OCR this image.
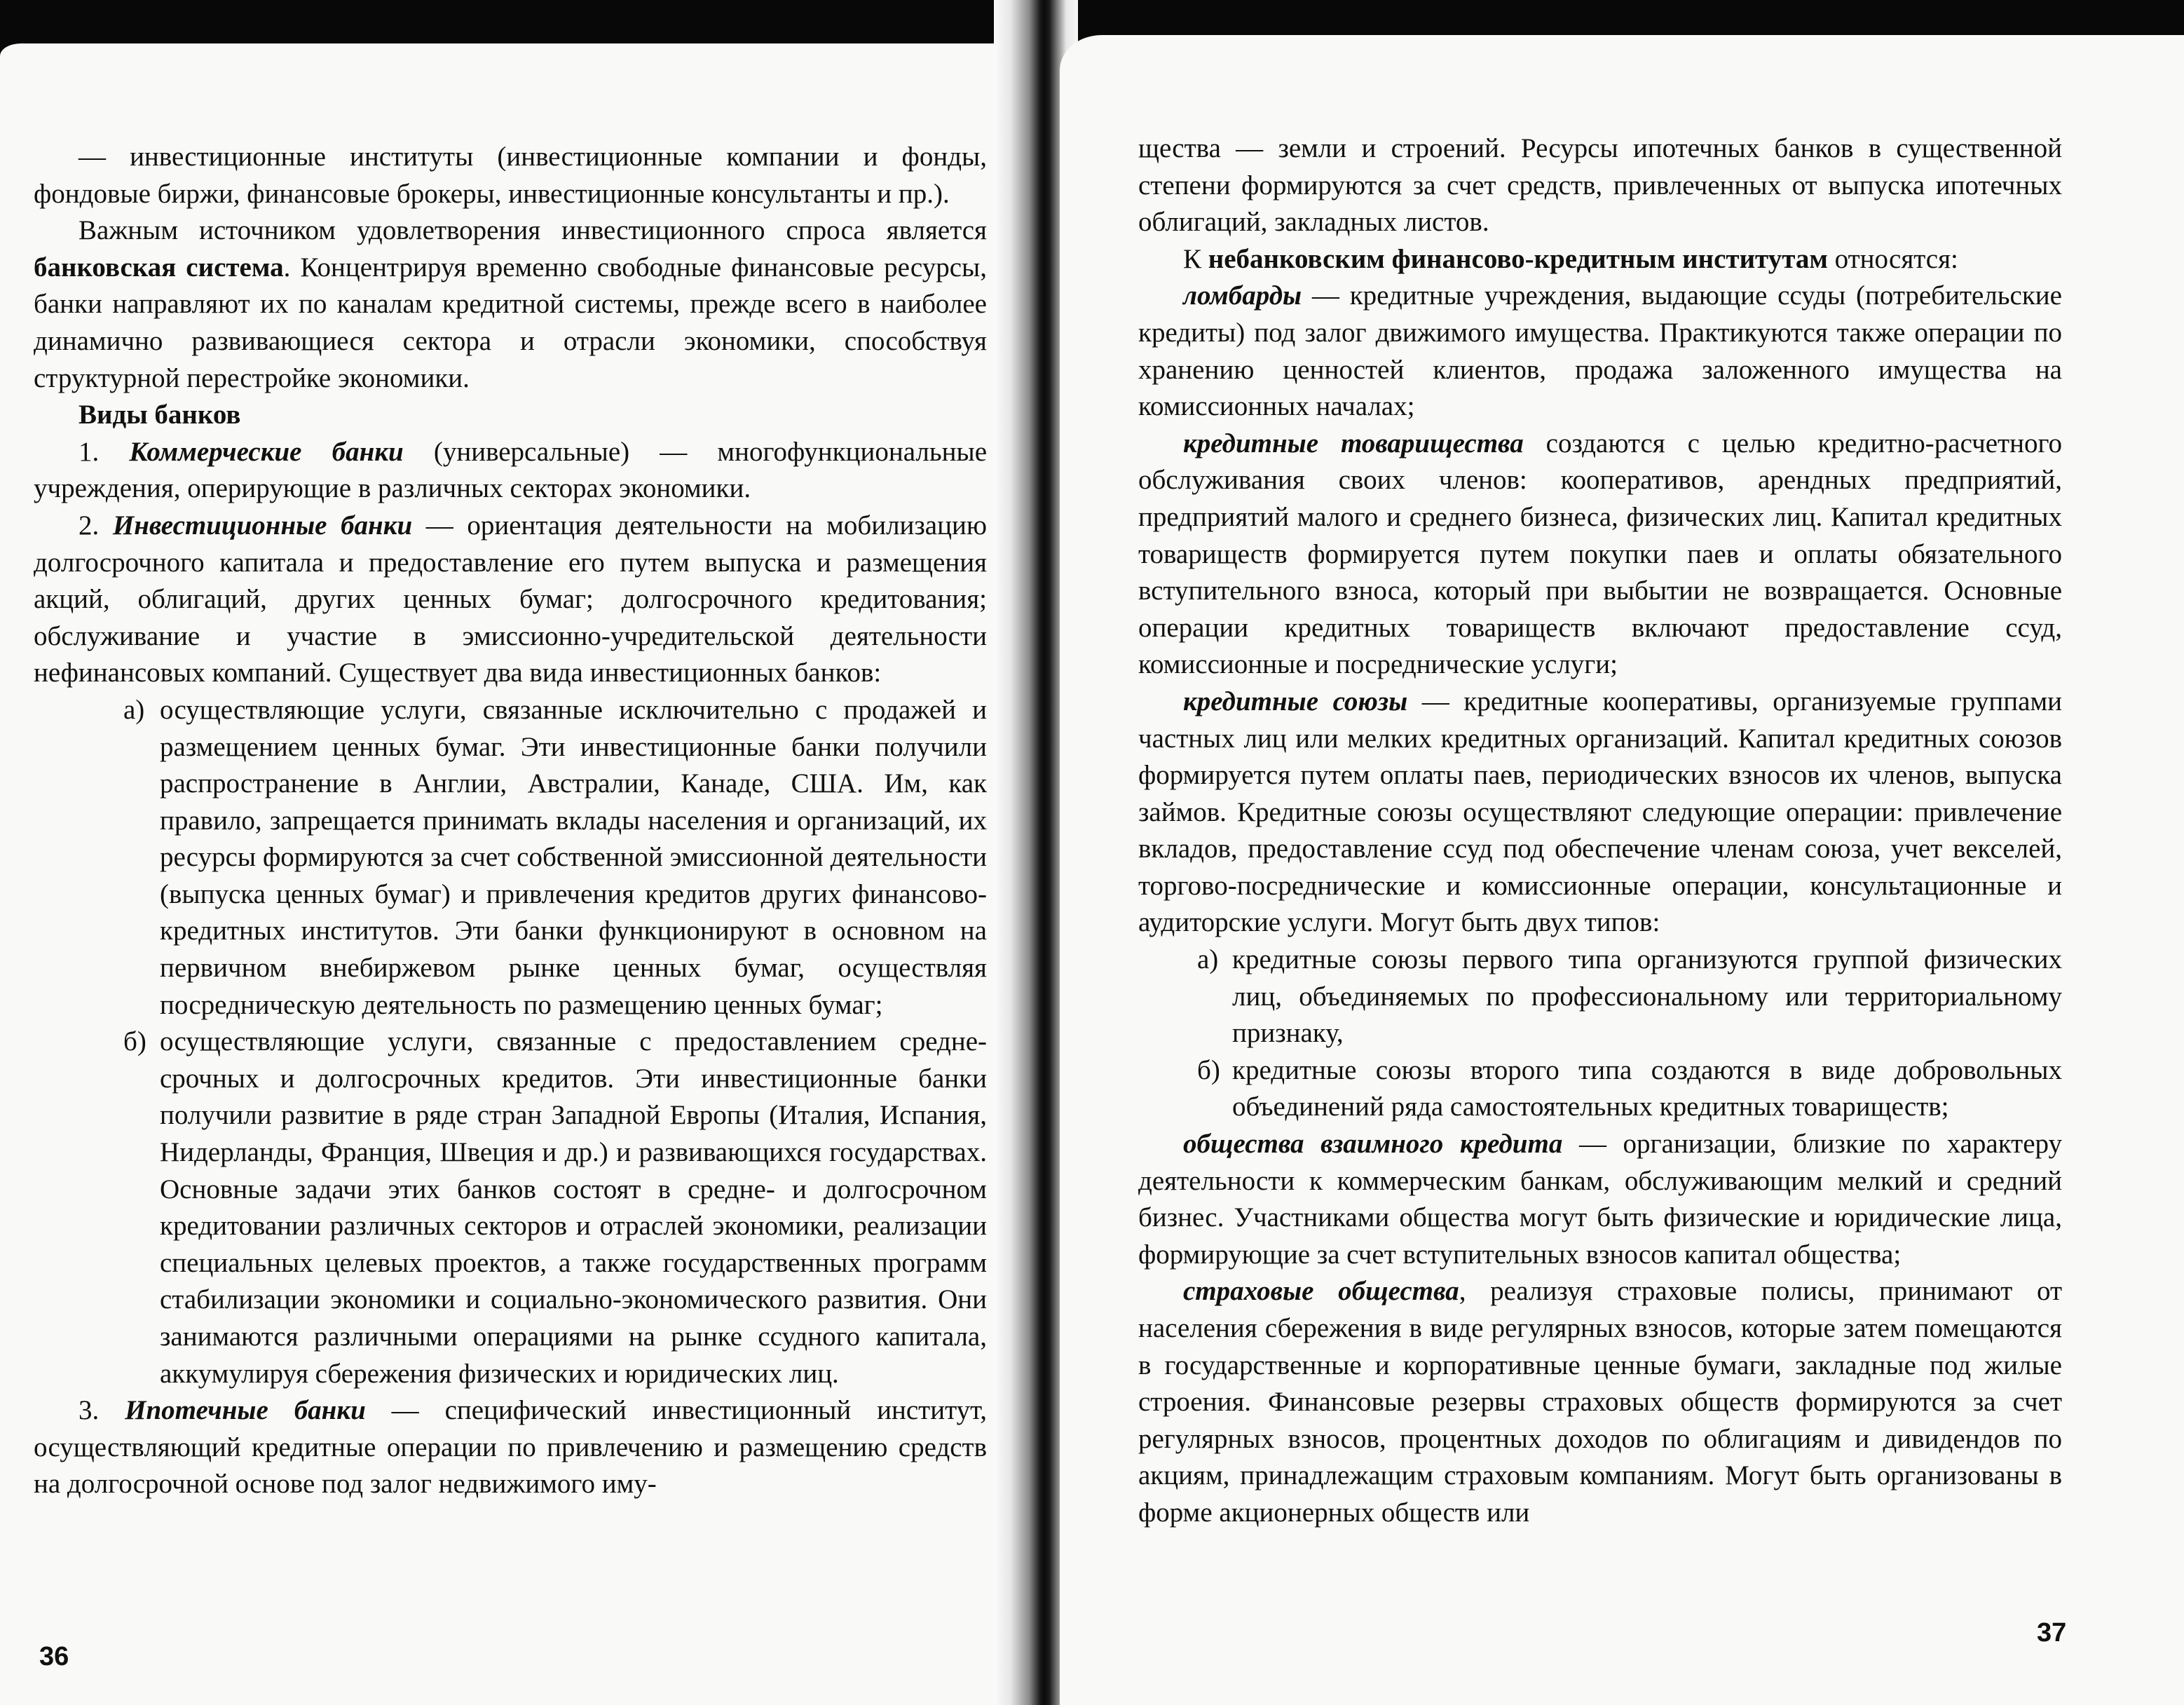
— инвестиционные институты (инвестиционные компании и фонды, фондовые биржи, финансовые брокеры, инвестиционные консультанты и пр.).

Важным источником удовлетворения инвестиционного спроса является банковская система. Концентрируя временно свободные финансовые ресурсы, банки направляют их по каналам кредитной системы, прежде всего в наиболее динамично развивающиеся сектора и отрасли экономики, способствуя структурной перестройке экономики.

Виды банков

1. Коммерческие банки (универсальные) — многофункциональные учреждения, оперирующие в различных секторах экономики.

2. Инвестиционные банки — ориентация деятельности на мобилизацию долгосрочного капитала и предоставление его путем выпуска и размещения акций, облигаций, других ценных бумаг; долгосрочного кредитования; обслуживание и участие в эмиссионно-учредительской деятельности нефинансовых компаний. Существует два вида инвестиционных банков:

а) осуществляющие услуги, связанные исключительно с продажей и размещением ценных бумаг. Эти инвестиционные банки получили распространение в Англии, Австралии, Канаде, США. Им, как правило, запрещается принимать вклады населения и организаций, их ресурсы формируются за счет собственной эмиссионной деятельности (выпуска ценных бумаг) и привлечения кредитов других финансово-кредитных институтов. Эти банки функционируют в основном на первичном внебиржевом рынке ценных бумаг, осуществляя посредническую деятельность по размещению ценных бумаг;

б) осуществляющие услуги, связанные с предоставлением средне-срочных и долгосрочных кредитов. Эти инвестиционные банки получили развитие в ряде стран Западной Европы (Италия, Испания, Нидерланды, Франция, Швеция и др.) и развивающихся государствах. Основные задачи этих банков состоят в средне- и долгосрочном кредитовании различных секторов и отраслей экономики, реализации специальных целевых проектов, а также государственных программ стабилизации экономики и социально-экономического развития. Они занимаются различными операциями на рынке ссудного капитала, аккумулируя сбережения физических и юридических лиц.

3. Ипотечные банки — специфический инвестиционный институт, осуществляющий кредитные операции по привлечению и размещению средств на долгосрочной основе под залог недвижимого иму-

36

щества — земли и строений. Ресурсы ипотечных банков в существенной степени формируются за счет средств, привлеченных от выпуска ипотечных облигаций, закладных листов.

К небанковским финансово-кредитным институтам относятся:

ломбарды — кредитные учреждения, выдающие ссуды (потребительские кредиты) под залог движимого имущества. Практикуются также операции по хранению ценностей клиентов, продажа заложенного имущества на комиссионных началах;

кредитные товарищества создаются с целью кредитно-расчетного обслуживания своих членов: кооперативов, арендных предприятий, предприятий малого и среднего бизнеса, физических лиц. Капитал кредитных товариществ формируется путем покупки паев и оплаты обязательного вступительного взноса, который при выбытии не возвращается. Основные операции кредитных товариществ включают предоставление ссуд, комиссионные и посреднические услуги;

кредитные союзы — кредитные кооперативы, организуемые группами частных лиц или мелких кредитных организаций. Капитал кредитных союзов формируется путем оплаты паев, периодических взносов их членов, выпуска займов. Кредитные союзы осуществляют следующие операции: привлечение вкладов, предоставление ссуд под обеспечение членам союза, учет векселей, торгово-посреднические и комиссионные операции, консультационные и аудиторские услуги. Могут быть двух типов:

а) кредитные союзы первого типа организуются группой физических лиц, объединяемых по профессиональному или территориальному признаку,

б) кредитные союзы второго типа создаются в виде добровольных объединений ряда самостоятельных кредитных товариществ;

общества взаимного кредита — организации, близкие по характеру деятельности к коммерческим банкам, обслуживающим мелкий и средний бизнес. Участниками общества могут быть физические и юридические лица, формирующие за счет вступительных взносов капитал общества;

страховые общества, реализуя страховые полисы, принимают от населения сбережения в виде регулярных взносов, которые затем помещаются в государственные и корпоративные ценные бумаги, закладные под жилые строения. Финансовые резервы страховых обществ формируются за счет регулярных взносов, процентных доходов по облигациям и дивидендов по акциям, принадлежащим страховым компаниям. Могут быть организованы в форме акционерных обществ или

37
